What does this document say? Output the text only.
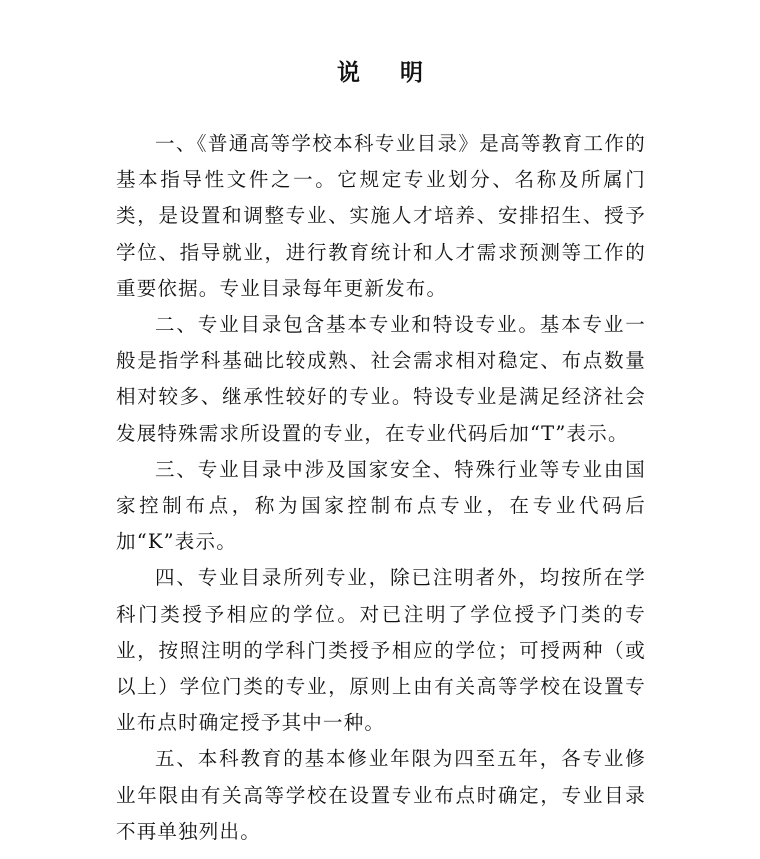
说明

一、《普通高等学校本科专业目录》是高等教育工作的基本指导性文件之一。它规定专业划分、名称及所属门类，是设置和调整专业、实施人才培养、安排招生、授予学位、指导就业，进行教育统计和人才需求预测等工作的重要依据。专业目录每年更新发布。

二、专业目录包含基本专业和特设专业。基本专业一般是指学科基础比较成熟、社会需求相对稳定、布点数量相对较多、继承性较好的专业。特设专业是满足经济社会发展特殊需求所设置的专业，在专业代码后加“T”表示。

三、专业目录中涉及国家安全、特殊行业等专业由国家控制布点，称为国家控制布点专业，在专业代码后加“K”表示。

四、专业目录所列专业，除已注明者外，均按所在学科门类授予相应的学位。对已注明了学位授予门类的专业，按照注明的学科门类授予相应的学位；可授两种（或以上）学位门类的专业，原则上由有关高等学校在设置专业布点时确定授予其中一种。

五、本科教育的基本修业年限为四至五年，各专业修业年限由有关高等学校在设置专业布点时确定，专业目录不再单独列出。
